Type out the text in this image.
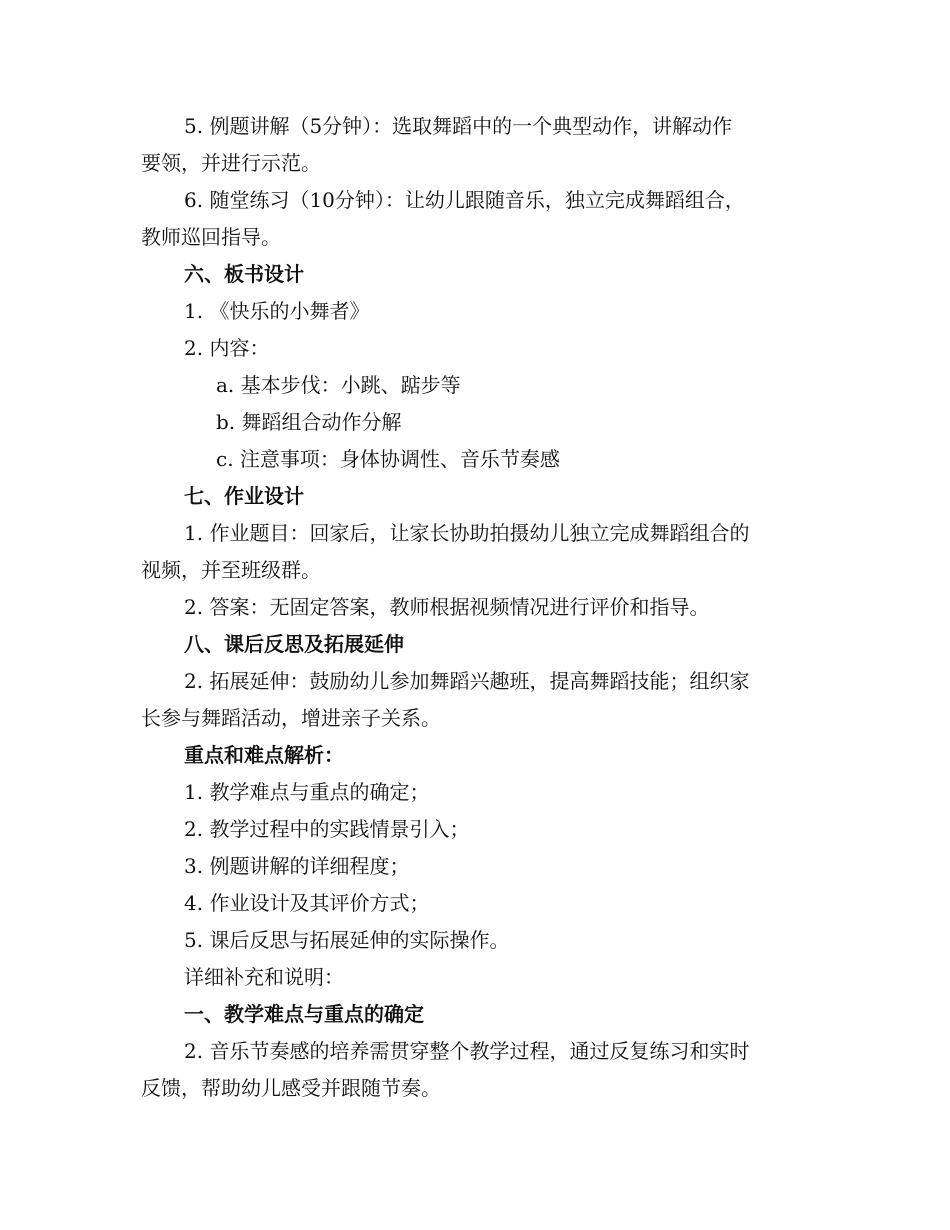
5. 例题讲解（5分钟）：选取舞蹈中的一个典型动作，讲解动作
要领，并进行示范。
6. 随堂练习（10分钟）：让幼儿跟随音乐，独立完成舞蹈组合，
教师巡回指导。
六、板书设计
1. 《快乐的小舞者》
2. 内容：
a. 基本步伐：小跳、踮步等
b. 舞蹈组合动作分解
c. 注意事项：身体协调性、音乐节奏感
七、作业设计
1. 作业题目：回家后，让家长协助拍摄幼儿独立完成舞蹈组合的
视频，并至班级群。
2. 答案：无固定答案，教师根据视频情况进行评价和指导。
八、课后反思及拓展延伸
2. 拓展延伸：鼓励幼儿参加舞蹈兴趣班，提高舞蹈技能；组织家
长参与舞蹈活动，增进亲子关系。
重点和难点解析：
1. 教学难点与重点的确定；
2. 教学过程中的实践情景引入；
3. 例题讲解的详细程度；
4. 作业设计及其评价方式；
5. 课后反思与拓展延伸的实际操作。
详细补充和说明：
一、教学难点与重点的确定
2. 音乐节奏感的培养需贯穿整个教学过程，通过反复练习和实时
反馈，帮助幼儿感受并跟随节奏。
